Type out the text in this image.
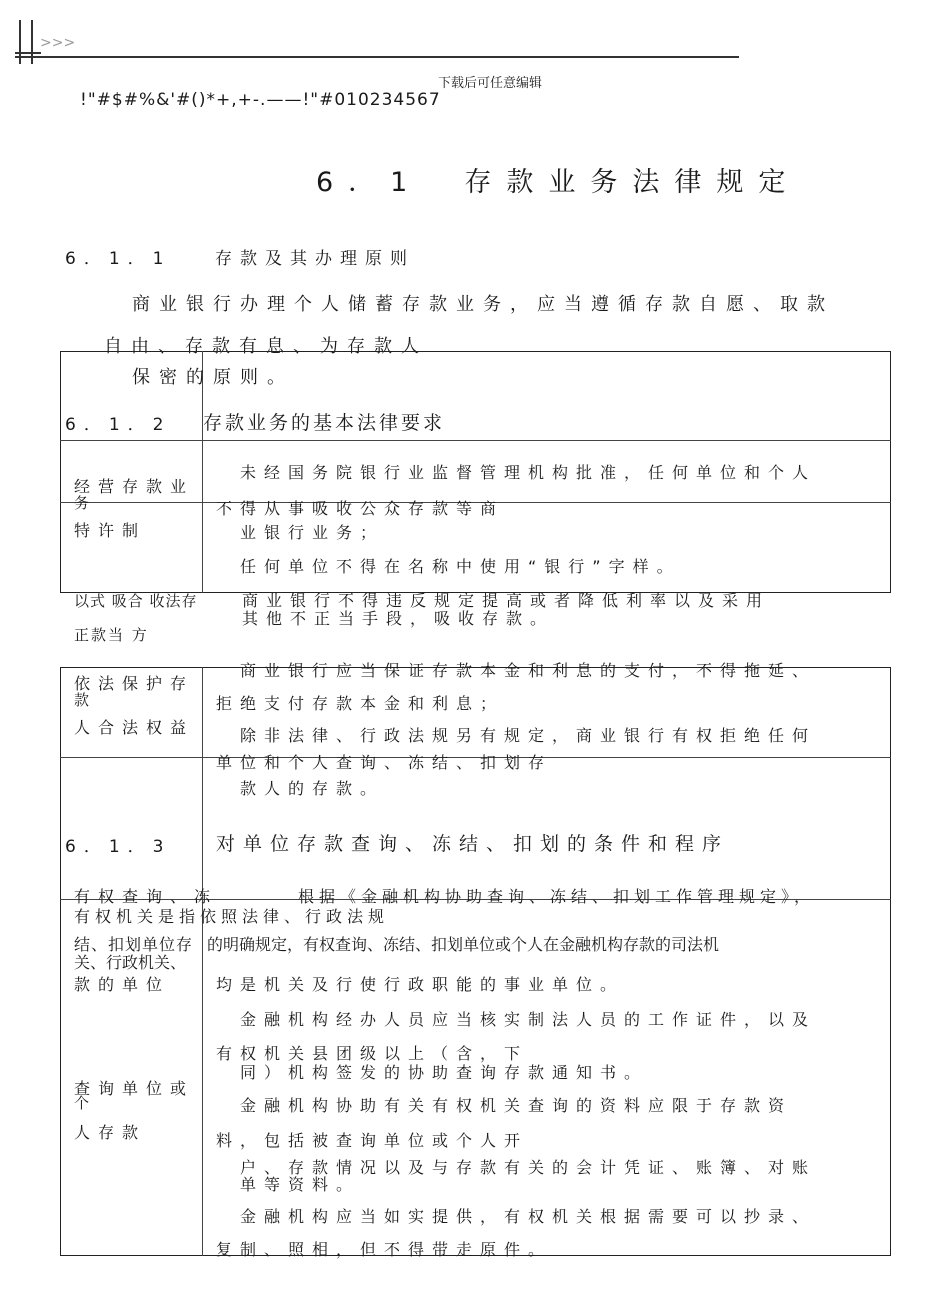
>>>
下载后可任意编辑
!"#$#%&'#()*+,+-.——!"#010234567
6．1　存款业务法律规定
6．1．1	存款及其办理原则
商业银行办理个人储蓄存款业务，应当遵循存款自愿、取款
自由、存款有息、为存款人
保密的原则。
6．1．2 存款业务的基本法律要求
经营存款业
务
特许制
未经国务院银行业监督管理机构批准，任何单位和个人
不得从事吸收公众存款等商
业银行业务；
任何单位不得在名称中使用“银行”字样。
以式 吸合 收法存
正款当 方
商业银行不得违反规定提高或者降低利率以及采用
其他不正当手段，吸收存款。
依法保护存
款
人合法权益
商业银行应当保证存款本金和利息的支付，不得拖延、
拒绝支付存款本金和利息；
除非法律、行政法规另有规定，商业银行有权拒绝任何
单位和个人查询、冻结、扣划存
款人的存款。
6．1．3 对单位存款查询、冻结、扣划的条件和程序
有权查询、冻
结、扣划单位存
款的单位
根据《金融机构协助查询、冻结、扣划工作管理规定》，
有权机关是指依照法律、行政法规
的明确规定，有权查询、冻结、扣划单位或个人在金融机构存款的司法机
关、行政机关、
均是机关及行使行政职能的事业单位。
金融机构经办人员应当核实制法人员的工作证件，以及
有权机关县团级以上（含，下
查询单位或
个
人存款
同）机构签发的协助查询存款通知书。
金融机构协助有关有权机关查询的资料应限于存款资
料，包括被查询单位或个人开
户、存款情况以及与存款有关的会计凭证、账簿、对账
单等资料。
金融机构应当如实提供，有权机关根据需要可以抄录、
复制、照相，但不得带走原件。
